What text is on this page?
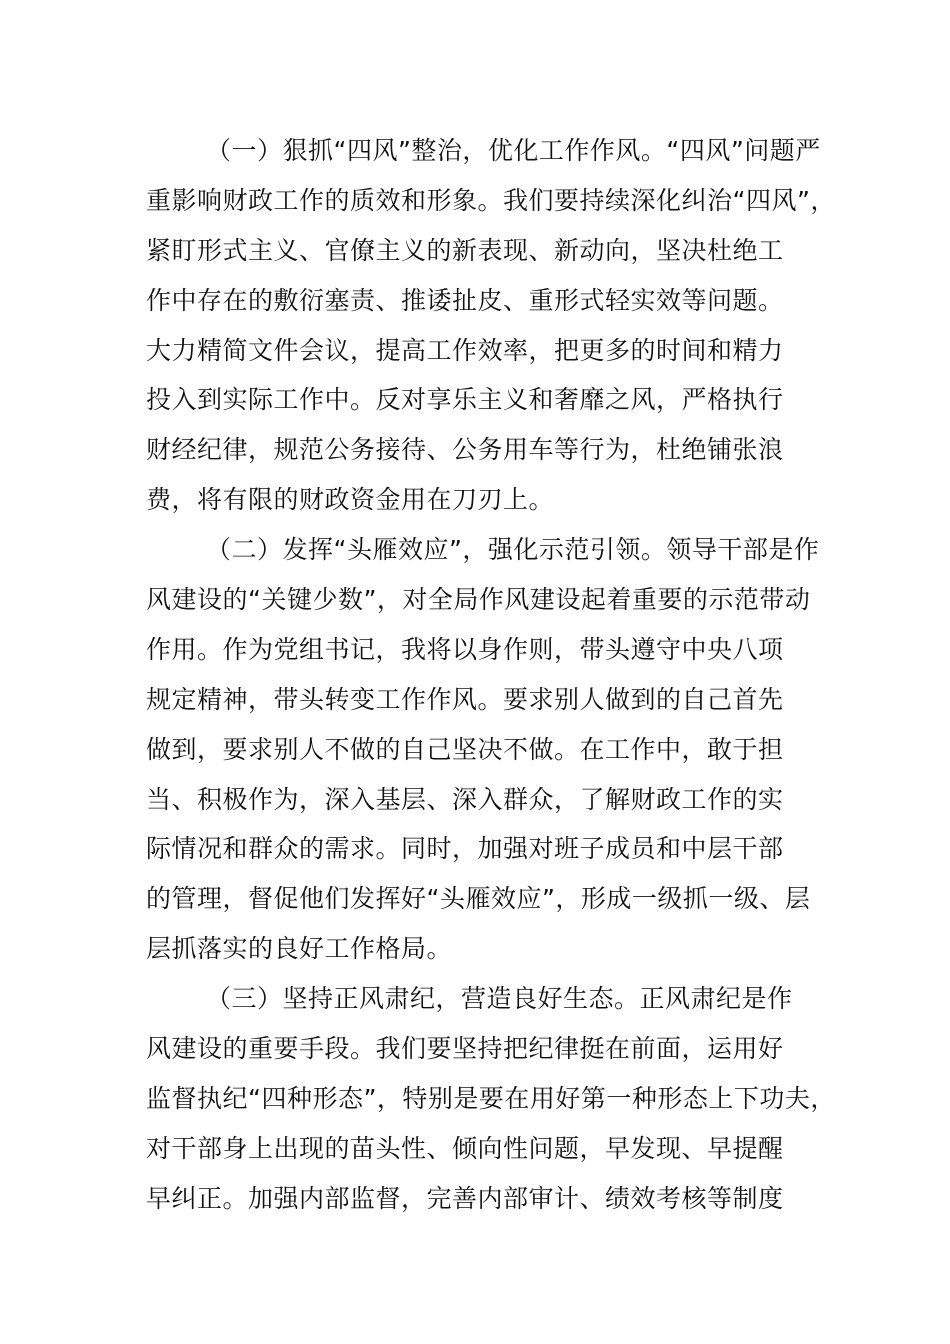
（一）狠抓“四风”整治，优化工作作风。“四风”问题严
重影响财政工作的质效和形象。我们要持续深化纠治“四风”，
紧盯形式主义、官僚主义的新表现、新动向，坚决杜绝工
作中存在的敷衍塞责、推诿扯皮、重形式轻实效等问题。
大力精简文件会议，提高工作效率，把更多的时间和精力
投入到实际工作中。反对享乐主义和奢靡之风，严格执行
财经纪律，规范公务接待、公务用车等行为，杜绝铺张浪
费，将有限的财政资金用在刀刃上。
（二）发挥“头雁效应”，强化示范引领。领导干部是作
风建设的“关键少数”，对全局作风建设起着重要的示范带动
作用。作为党组书记，我将以身作则，带头遵守中央八项
规定精神，带头转变工作作风。要求别人做到的自己首先
做到，要求别人不做的自己坚决不做。在工作中，敢于担
当、积极作为，深入基层、深入群众，了解财政工作的实
际情况和群众的需求。同时，加强对班子成员和中层干部
的管理，督促他们发挥好“头雁效应”，形成一级抓一级、层
层抓落实的良好工作格局。
（三）坚持正风肃纪，营造良好生态。正风肃纪是作
风建设的重要手段。我们要坚持把纪律挺在前面，运用好
监督执纪“四种形态”，特别是要在用好第一种形态上下功夫，
对干部身上出现的苗头性、倾向性问题，早发现、早提醒
早纠正。加强内部监督，完善内部审计、绩效考核等制度
